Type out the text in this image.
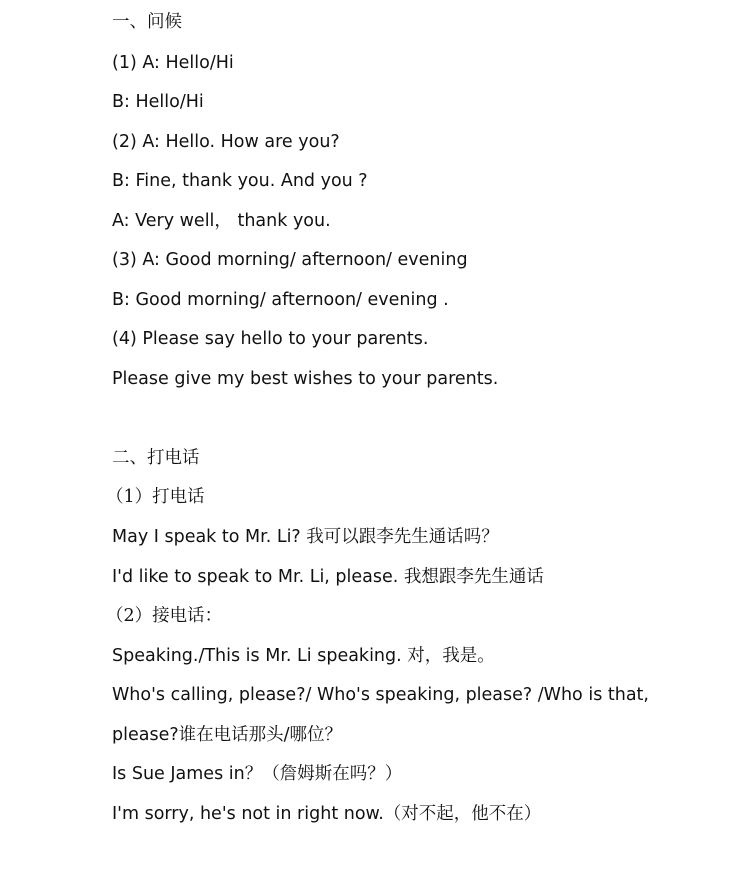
一、问候
(1) A: Hello/Hi
B: Hello/Hi
(2) A: Hello. How are you?
B: Fine, thank you. And you ?
A: Very well， thank you.
(3) A: Good morning/ afternoon/ evening
B: Good morning/ afternoon/ evening .
(4) Please say hello to your parents.
Please give my best wishes to your parents.
二、打电话
（1）打电话
May I speak to Mr. Li? 我可以跟李先生通话吗？
I'd like to speak to Mr. Li, please. 我想跟李先生通话
（2）接电话：
Speaking./This is Mr. Li speaking. 对，我是。
Who's calling, please?/ Who's speaking, please? /Who is that,
please?谁在电话那头/哪位？
Is Sue James in？（詹姆斯在吗？）
I'm sorry, he's not in right now.（对不起，他不在）
